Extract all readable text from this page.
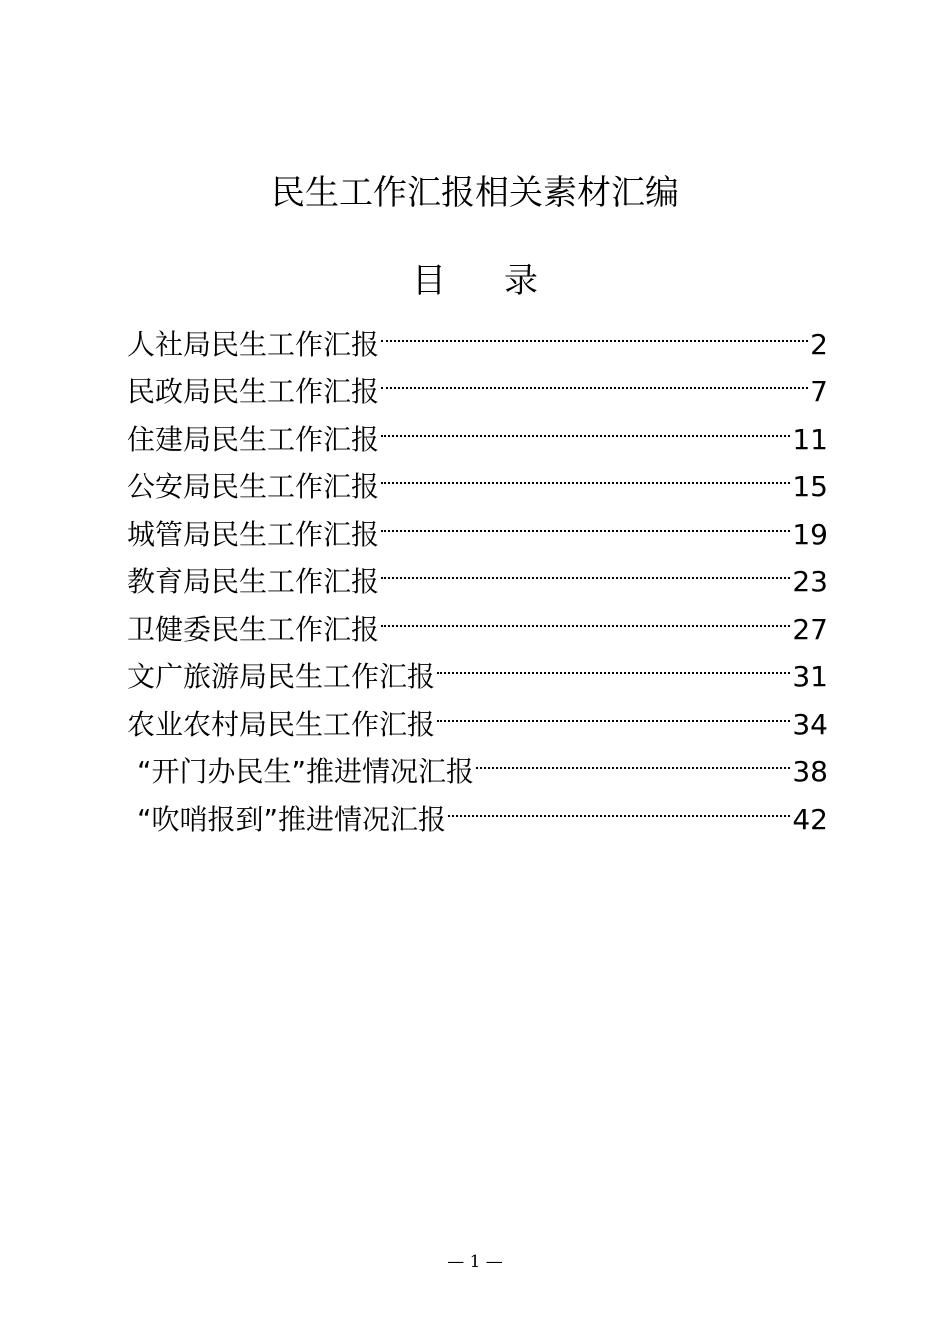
民生工作汇报相关素材汇编
目 录
人社局民生工作汇报	2
民政局民生工作汇报	7
住建局民生工作汇报	11
公安局民生工作汇报	15
城管局民生工作汇报	19
教育局民生工作汇报	23
卫健委民生工作汇报	27
文广旅游局民生工作汇报	31
农业农村局民生工作汇报	34
“开门办民生”推进情况汇报	38
“吹哨报到”推进情况汇报	42
— 1 —
